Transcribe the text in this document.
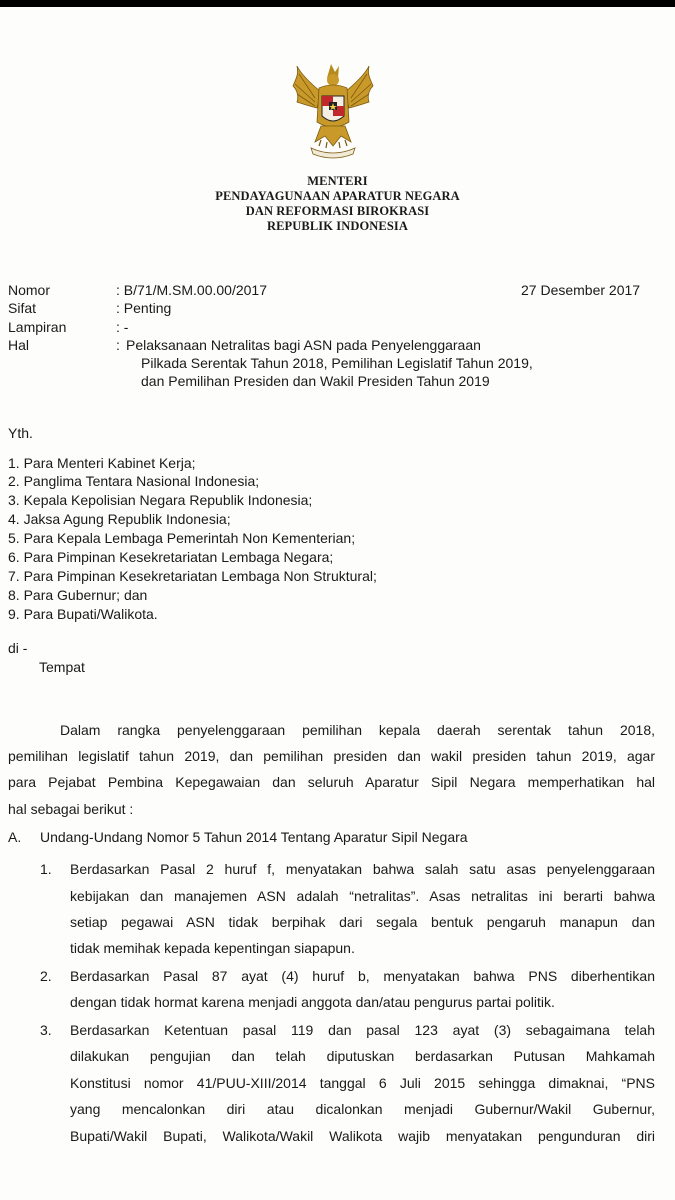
MENTERI
PENDAYAGUNAAN APARATUR NEGARA
DAN REFORMASI BIROKRASI
REPUBLIK INDONESIA
Nomor	: B/71/M.SM.00.00/2017	27 Desember 2017
Sifat	: Penting
Lampiran	: -
Hal	: Pelaksanaan Netralitas bagi ASN pada Penyelenggaraan
Pilkada Serentak Tahun 2018, Pemilihan Legislatif Tahun 2019,
dan Pemilihan Presiden dan Wakil Presiden Tahun 2019
Yth.
1. Para Menteri Kabinet Kerja;
2. Panglima Tentara Nasional Indonesia;
3. Kepala Kepolisian Negara Republik Indonesia;
4. Jaksa Agung Republik Indonesia;
5. Para Kepala Lembaga Pemerintah Non Kementerian;
6. Para Pimpinan Kesekretariatan Lembaga Negara;
7. Para Pimpinan Kesekretariatan Lembaga Non Struktural;
8. Para Gubernur; dan
9. Para Bupati/Walikota.
di -
Tempat
Dalam rangka penyelenggaraan pemilihan kepala daerah serentak tahun 2018,
pemilihan legislatif tahun 2019, dan pemilihan presiden dan wakil presiden tahun 2019, agar
para Pejabat Pembina Kepegawaian dan seluruh Aparatur Sipil Negara memperhatikan hal
hal sebagai berikut :
A. Undang-Undang Nomor 5 Tahun 2014 Tentang Aparatur Sipil Negara
1. Berdasarkan Pasal 2 huruf f, menyatakan bahwa salah satu asas penyelenggaraan
kebijakan dan manajemen ASN adalah “netralitas”. Asas netralitas ini berarti bahwa
setiap pegawai ASN tidak berpihak dari segala bentuk pengaruh manapun dan
tidak memihak kepada kepentingan siapapun.
2. Berdasarkan Pasal 87 ayat (4) huruf b, menyatakan bahwa PNS diberhentikan
dengan tidak hormat karena menjadi anggota dan/atau pengurus partai politik.
3. Berdasarkan Ketentuan pasal 119 dan pasal 123 ayat (3) sebagaimana telah
dilakukan pengujian dan telah diputuskan berdasarkan Putusan Mahkamah
Konstitusi nomor 41/PUU-XIII/2014 tanggal 6 Juli 2015 sehingga dimaknai, “PNS
yang mencalonkan diri atau dicalonkan menjadi Gubernur/Wakil Gubernur,
Bupati/Wakil Bupati, Walikota/Wakil Walikota wajib menyatakan pengunduran diri
